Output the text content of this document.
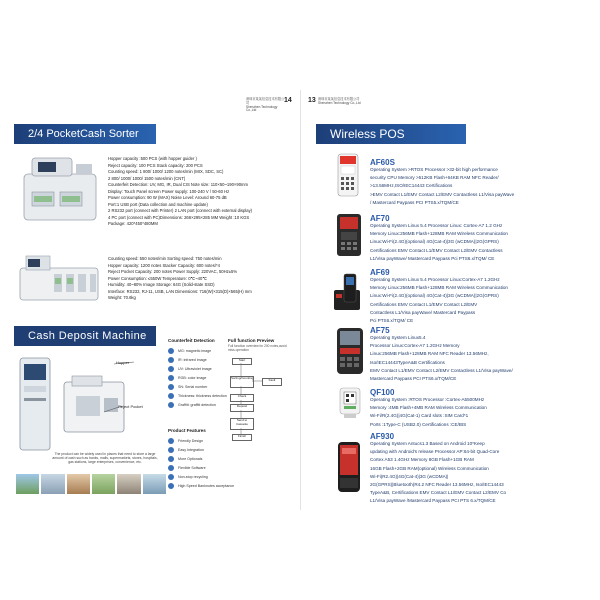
深圳市某某信息技术有限公司
Shenzhen Technology Co.,Ltd
14 13 深圳市某某信息技术有限公司
Shenzhen Technology Co.,Ltd
2/4 PocketCash Sorter
Hopper capacity :500 PCS (with hopper guider )
Reject capacity: 100 PCS Stack capacity: 200 PCS
Counting speed: 1 800/ 1000/ 1200 notes/min (MIX, SDC, SC)
2 800/ 1000/ 1000/ 1500 notes/min (CNT)
Counterfeit Detection: UV, MG, IR, Dual CIS Note size: 110×50~190×90mm
Display: Touch Panel screen Power supply: 100-240 V / 50-60 Hz
Power consumption: 90 W (MAX) Noise Level: Around 60-75 dB
Port:1 USB port (Data collection and machine update)
2 RS232 port (connect with Printer) 2 LAN port (connect with external display)
4 PC port (connect with PC)Dimensions: 266×295×285 MM Weight :10 KGS
Package: 420*450*480MM
Counting speed: 550 notes/min Sorting speed: 750 notes/min
Hopper capacity: 1200 notes Stacker Capacity: 600 notes/*4
Reject Pocket Capacity: 200 notes Power Supply: 220VAC, 50Hz±5%
Power Consumption: ≤550W Temperature: 0℃~40℃
Humidity: 40~80% Image Storage: 64G (Solid-state SSD)
Interface: RS232, RJ-11, USB, LAN Dimensions: 716(W)×315(D)×565(H) mm
Weight: 70.6kg
Cash Deposit Machine
Hopper
Reject Pocket
The product can be widely used in places that need to store a large amount of cash such as banks, malls, supermarkets, stores, hospitals, gas stations, large enterprises, convenience, etc.
Counterfeit Detection
MG: magnetic image
IR: infrared image
UV: Ultraviolet image
RGB: color image
SN: Serial number
Thickness: thickness detection
Graffiti: graffiti detection
Product Features
Friendly Design
Easy Integration
More Optionals
Flexible Software
Non-stop recycling
High Speed Banknotes acceptance
Full function Preview
Full function overview for 200 notes,avoid miss-operation
Start
Sorting/Counting	Fault
Check
Deposit
Send to Cassette
Finish
Wireless POS
AF60S
Operating System >RTOS Processor >32-bit high performance
security CPU Memory >512KB Flash+64KB RAM NFC Reader/
>13.56MHz,ISO/IEC14443 Certifications
>EMV Contact L1/EMV Contact L2/EMV Contactless L1/Visa payWave
/ Mastercard Paypass PCI PTS5.x/TQM/CE
AF70
Operating System Linux 5.4 Processor Linux: Cortex-A7 1.2 GHz
Memory Linux:256MB Flash+128MB RAM Wireless Communication
Linux:Wi-Fi(2.4G)(optional) 4G(Cat-4)|3G (wCDMA)|2G(GPRS)
Certifications EMV Contact L1/EMV Contact L2/EMV Contactless
L1/Visa payWave/ Mastercard Paypass Pci PTS6.x/TQM/ CE
AF69
Operating System Linux 5.4 Processor Linux:Cortex-A7 1.2GHz
Memory Linux:256MB Flash+128MB RAM Wireless Communication
Linux:Wi-Fi(2.4G)(optional) 4G(Cat-4)|3G (wCDMA)|2G(GPRS)
Certifications EMV Contact L1/EMV Contact L2/EMV
Contactless L1/Visa payWave/ Mastercard Paypass
Pci PTS6.x/TQM/ CE
AF75
Operating System Linux5.4
Processor Linux:Cortex-A7 1.2GHz Memory
Linux:256MB Flash+128MB RAM NFC Reader 13.56MHz,
Iso/IEC14443TypeA&B Certifications
EMV Contact L1/EMV Contact L2/EMV Contactless L1/Visa payWave/
Mastercard Paypass PCI PTS6.x/TQM/CE
QF100
Operating System :RTOS Processor :Cortex-A5500MHz
Memory :4MB Flash+4MB RAM Wireless Communication
Wi-Fi/R(2.4G)|4G(Cat-1) Card slots :SIM Card*1
Ports :1Type-C (USB2.0) Certifications :CE/BIS
AF930
Operating System Antucs1.3 Based on Android 10*Keep
updating with Android's release Processor AP:64-bit Quad-Core
Cortex A53 1.4GHz Memory 8GB Flash+1GB RAM
16GB Flash+2GB RAM(optional) Wireless Communication
Wi-Fi(R2.4G)|4G(Cat-4)|3G (wCDMA)|
2G(GPRS)|Bluetooth(R4.2 NFC Reader 13.56MHz, Iso/IEC14443
TypeA&B, Certifications EMV Contact L1/EMV Contact L2/EMV Co
L1/Visa payWave /Mastercard Paypass PCI PTS 6.x/TQM/CE
